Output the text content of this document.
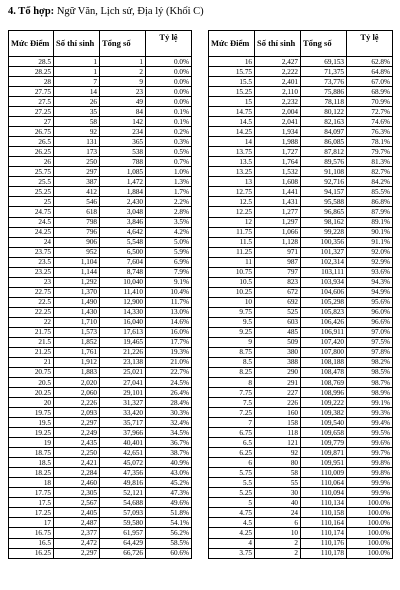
4. Tổ hợp: Ngữ Văn, Lịch sử, Địa lý (Khối C)
Mức Điểm	Số thí sinh	Tổng số	Tỷ lệ
28.5	1	1	0.0%
28.25	1	2	0.0%
28	7	9	0.0%
27.75	14	23	0.0%
27.5	26	49	0.0%
27.25	35	84	0.1%
27	58	142	0.1%
26.75	92	234	0.2%
26.5	131	365	0.3%
26.25	173	538	0.5%
26	250	788	0.7%
25.75	297	1,085	1.0%
25.5	387	1,472	1.3%
25.25	412	1,884	1.7%
25	546	2,430	2.2%
24.75	618	3,048	2.8%
24.5	798	3,846	3.5%
24.25	796	4,642	4.2%
24	906	5,548	5.0%
23.75	952	6,500	5.9%
23.5	1,104	7,604	6.9%
23.25	1,144	8,748	7.9%
23	1,292	10,040	9.1%
22.75	1,370	11,410	10.4%
22.5	1,490	12,900	11.7%
22.25	1,430	14,330	13.0%
22	1,710	16,040	14.6%
21.75	1,573	17,613	16.0%
21.5	1,852	19,465	17.7%
21.25	1,761	21,226	19.3%
21	1,912	23,138	21.0%
20.75	1,883	25,021	22.7%
20.5	2,020	27,041	24.5%
20.25	2,060	29,101	26.4%
20	2,226	31,327	28.4%
19.75	2,093	33,420	30.3%
19.5	2,297	35,717	32.4%
19.25	2,249	37,966	34.5%
19	2,435	40,401	36.7%
18.75	2,250	42,651	38.7%
18.5	2,421	45,072	40.9%
18.25	2,284	47,356	43.0%
18	2,460	49,816	45.2%
17.75	2,305	52,121	47.3%
17.5	2,567	54,688	49.6%
17.25	2,405	57,093	51.8%
17	2,487	59,580	54.1%
16.75	2,377	61,957	56.2%
16.5	2,472	64,429	58.5%
16.25	2,297	66,726	60.6%
Mức Điểm	Số thí sinh	Tổng số	Tỷ lệ
16	2,427	69,153	62.8%
15.75	2,222	71,375	64.8%
15.5	2,401	73,776	67.0%
15.25	2,110	75,886	68.9%
15	2,232	78,118	70.9%
14.75	2,004	80,122	72.7%
14.5	2,041	82,163	74.6%
14.25	1,934	84,097	76.3%
14	1,988	86,085	78.1%
13.75	1,727	87,812	79.7%
13.5	1,764	89,576	81.3%
13.25	1,532	91,108	82.7%
13	1,608	92,716	84.2%
12.75	1,441	94,157	85.5%
12.5	1,431	95,588	86.8%
12.25	1,277	96,865	87.9%
12	1,297	98,162	89.1%
11.75	1,066	99,228	90.1%
11.5	1,128	100,356	91.1%
11.25	971	101,327	92.0%
11	987	102,314	92.9%
10.75	797	103,111	93.6%
10.5	823	103,934	94.3%
10.25	672	104,606	94.9%
10	692	105,298	95.6%
9.75	525	105,823	96.0%
9.5	603	106,426	96.6%
9.25	485	106,911	97.0%
9	509	107,420	97.5%
8.75	380	107,800	97.8%
8.5	388	108,188	98.2%
8.25	290	108,478	98.5%
8	291	108,769	98.7%
7.75	227	108,996	98.9%
7.5	226	109,222	99.1%
7.25	160	109,382	99.3%
7	158	109,540	99.4%
6.75	118	109,658	99.5%
6.5	121	109,779	99.6%
6.25	92	109,871	99.7%
6	80	109,951	99.8%
5.75	58	110,009	99.8%
5.5	55	110,064	99.9%
5.25	30	110,094	99.9%
5	40	110,134	100.0%
4.75	24	110,158	100.0%
4.5	6	110,164	100.0%
4.25	10	110,174	100.0%
4	2	110,176	100.0%
3.75	2	110,178	100.0%
